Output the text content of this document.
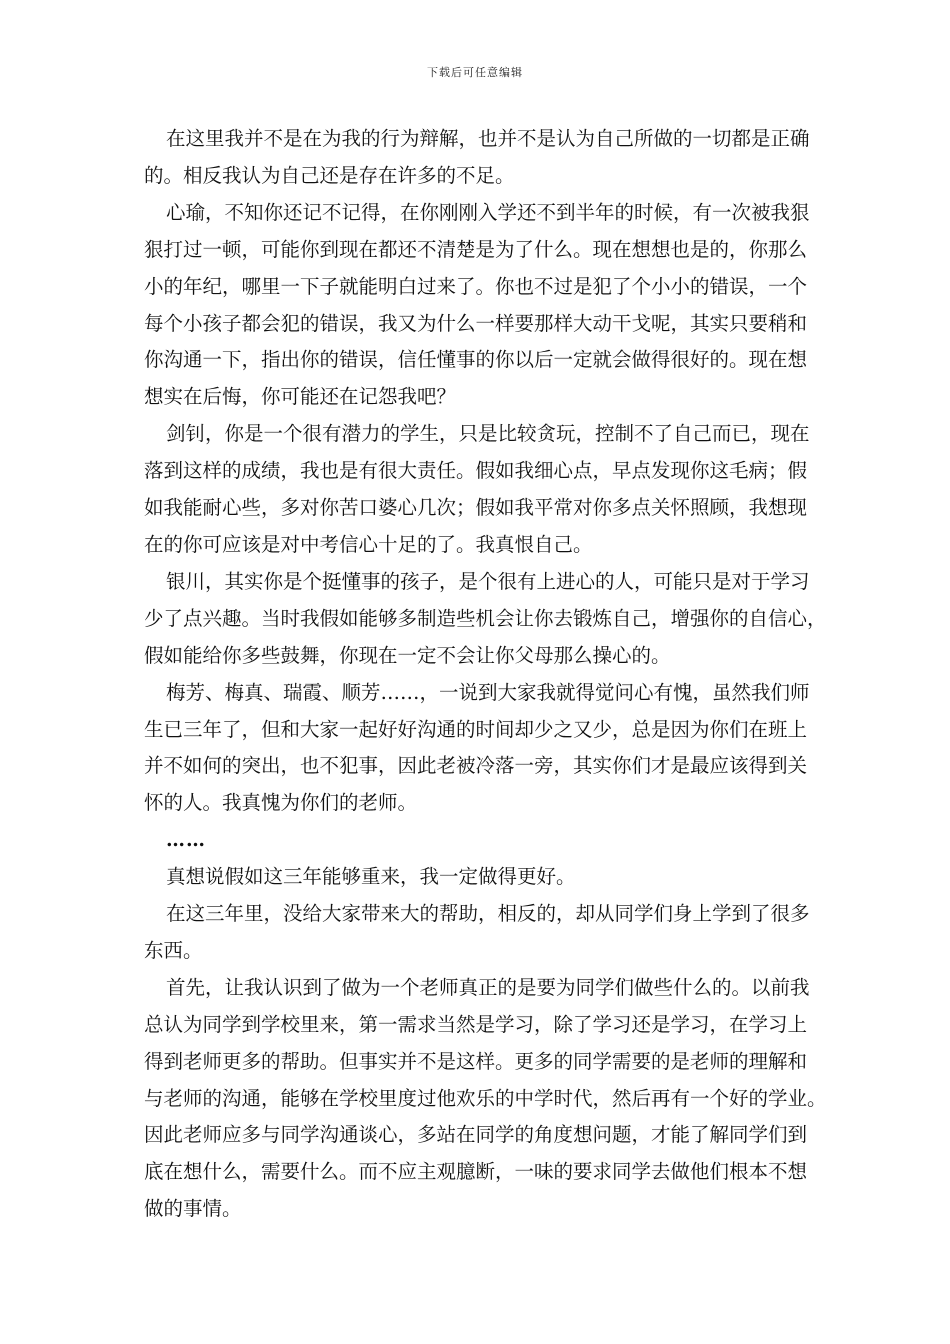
下载后可任意编辑
在这里我并不是在为我的行为辩解，也并不是认为自己所做的一切都是正确
的。相反我认为自己还是存在许多的不足。
心瑜，不知你还记不记得，在你刚刚入学还不到半年的时候，有一次被我狠
狠打过一顿，可能你到现在都还不清楚是为了什么。现在想想也是的，你那么
小的年纪，哪里一下子就能明白过来了。你也不过是犯了个小小的错误，一个
每个小孩子都会犯的错误，我又为什么一样要那样大动干戈呢，其实只要稍和
你沟通一下，指出你的错误，信任懂事的你以后一定就会做得很好的。现在想
想实在后悔，你可能还在记怨我吧？
剑钊，你是一个很有潜力的学生，只是比较贪玩，控制不了自己而已，现在
落到这样的成绩，我也是有很大责任。假如我细心点，早点发现你这毛病；假
如我能耐心些，多对你苦口婆心几次；假如我平常对你多点关怀照顾，我想现
在的你可应该是对中考信心十足的了。我真恨自己。
银川，其实你是个挺懂事的孩子，是个很有上进心的人，可能只是对于学习
少了点兴趣。当时我假如能够多制造些机会让你去锻炼自己，增强你的自信心，
假如能给你多些鼓舞，你现在一定不会让你父母那么操心的。
梅芳、梅真、瑞霞、顺芳……，一说到大家我就得觉问心有愧，虽然我们师
生已三年了，但和大家一起好好沟通的时间却少之又少，总是因为你们在班上
并不如何的突出，也不犯事，因此老被冷落一旁，其实你们才是最应该得到关
怀的人。我真愧为你们的老师。
……
真想说假如这三年能够重来，我一定做得更好。
在这三年里，没给大家带来大的帮助，相反的，却从同学们身上学到了很多
东西。
首先，让我认识到了做为一个老师真正的是要为同学们做些什么的。以前我
总认为同学到学校里来，第一需求当然是学习，除了学习还是学习，在学习上
得到老师更多的帮助。但事实并不是这样。更多的同学需要的是老师的理解和
与老师的沟通，能够在学校里度过他欢乐的中学时代，然后再有一个好的学业。
因此老师应多与同学沟通谈心，多站在同学的角度想问题，才能了解同学们到
底在想什么，需要什么。而不应主观臆断，一味的要求同学去做他们根本不想
做的事情。
